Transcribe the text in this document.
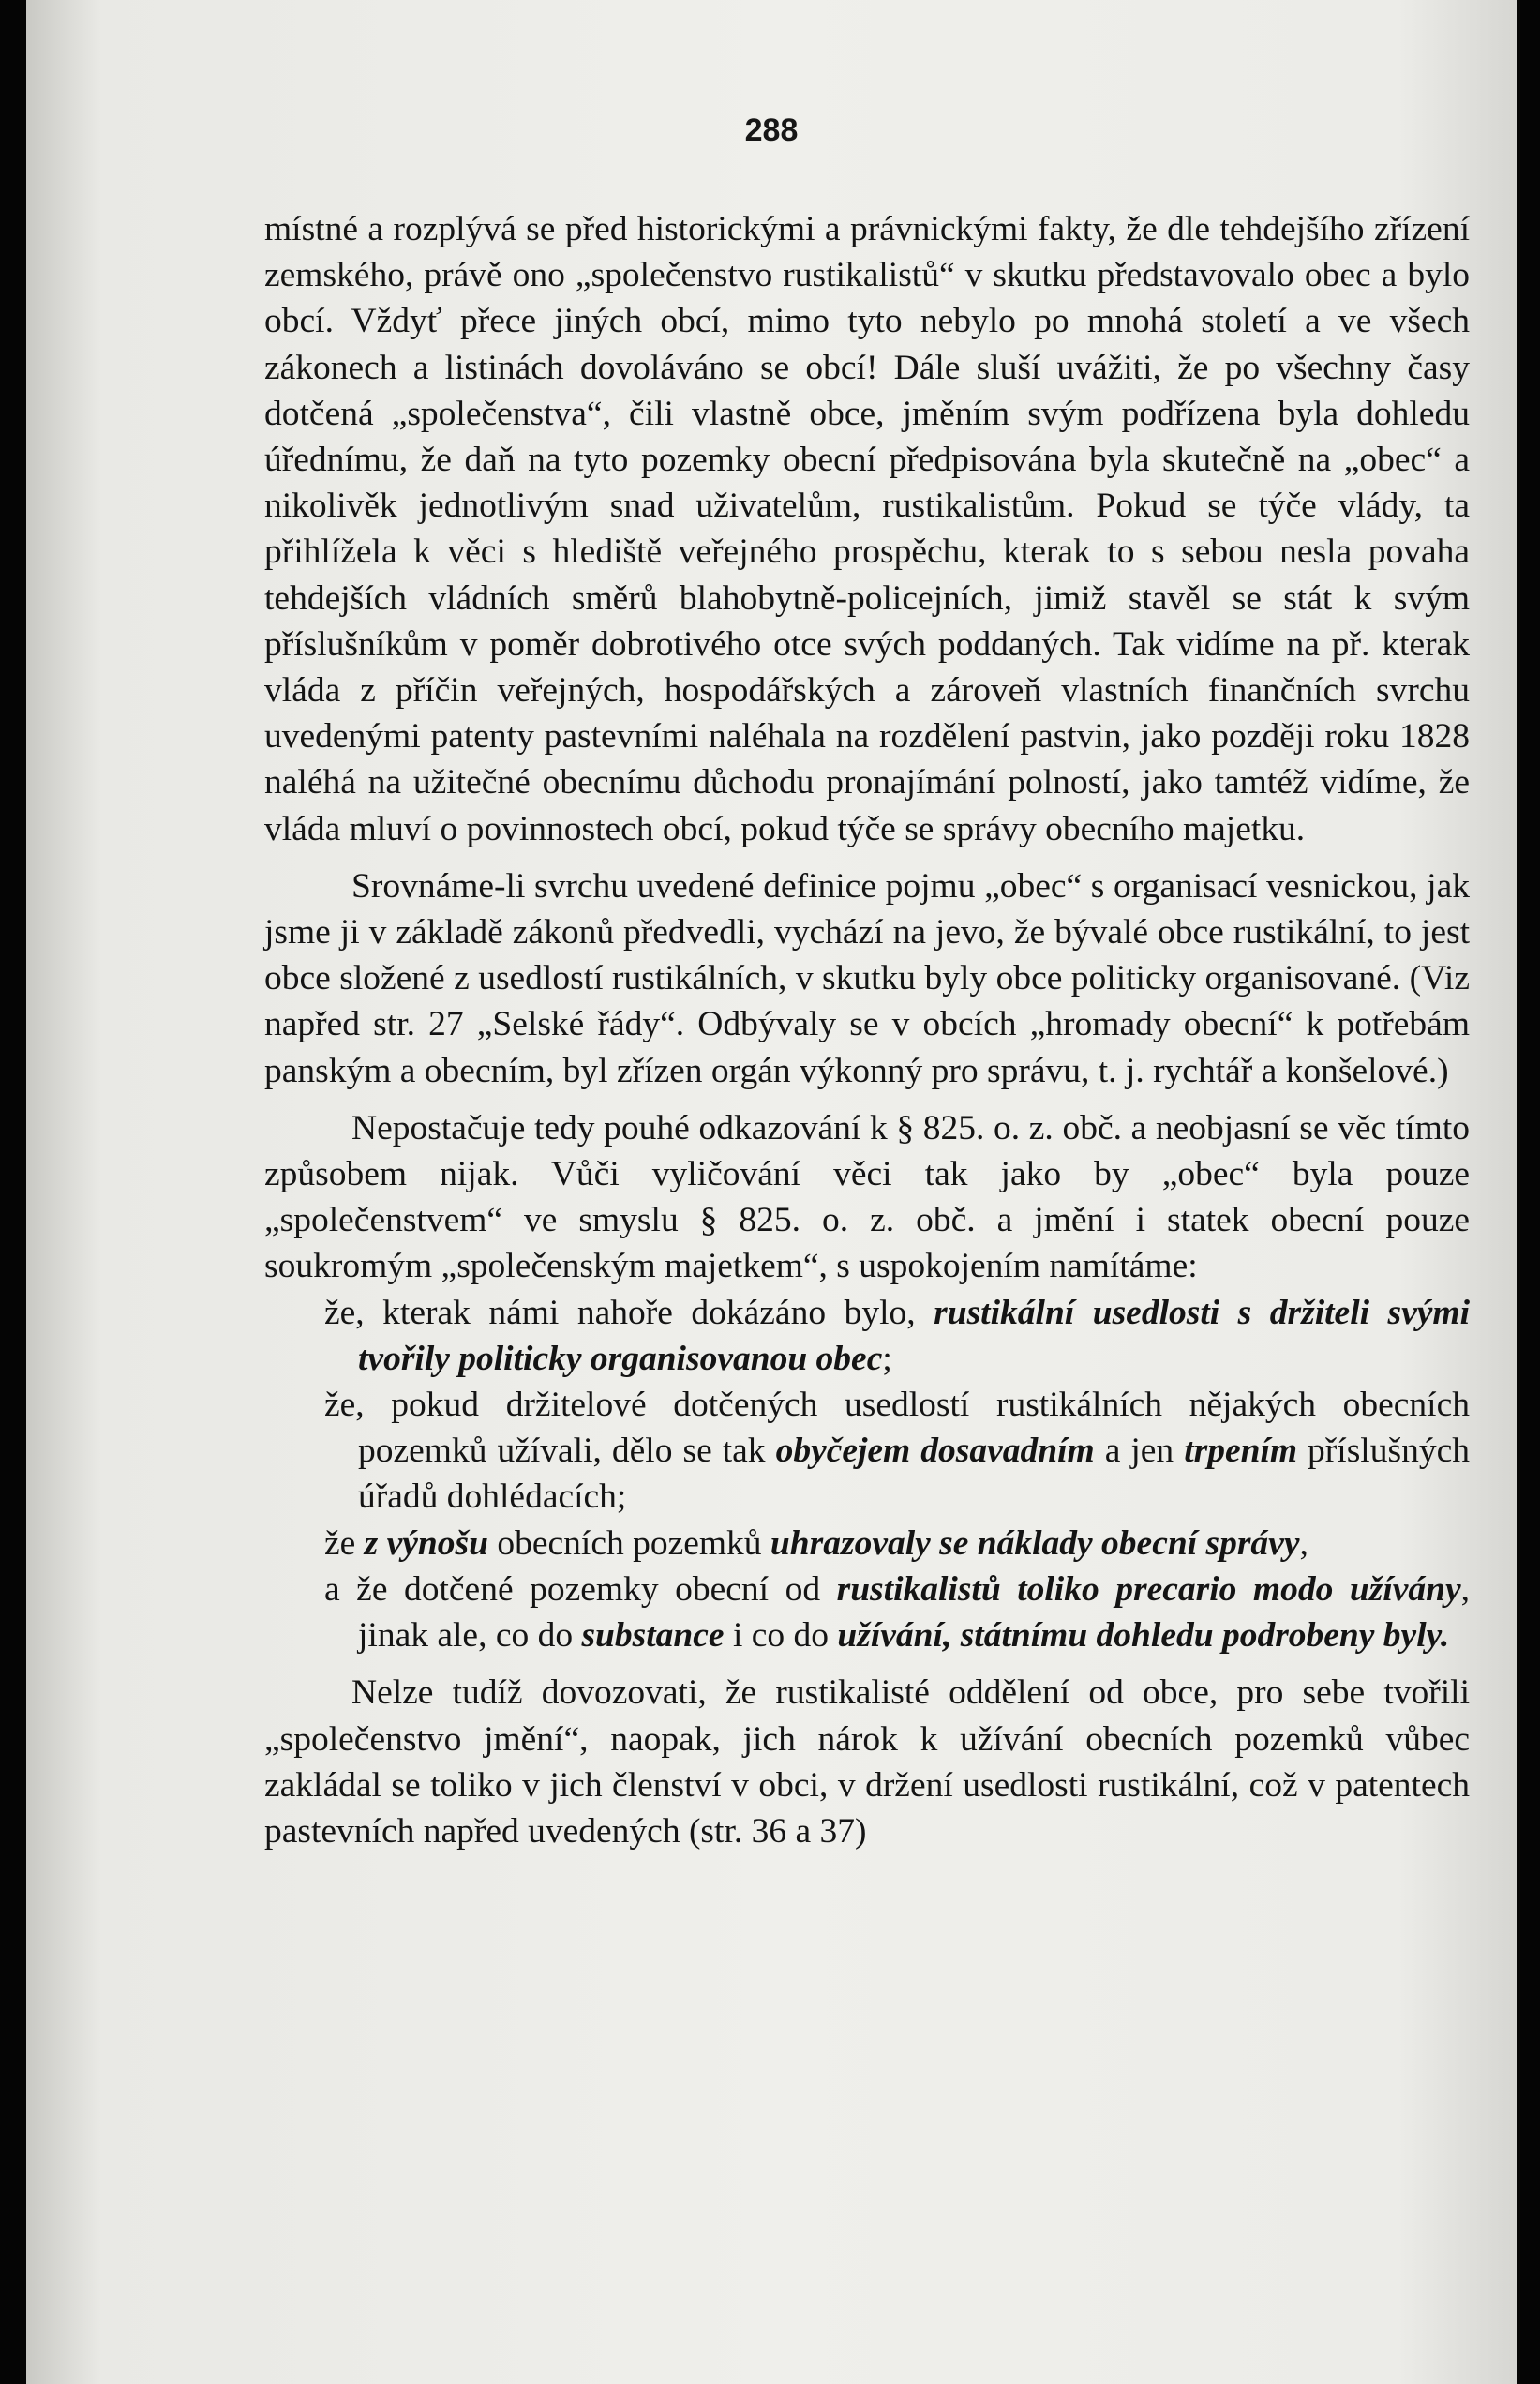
288

místné a rozplývá se před historickými a právnickými fakty, že dle tehdejšího zřízení zemského, právě ono „společenstvo rustikalistů“ v skutku představovalo obec a bylo obcí. Vždyť přece jiných obcí, mimo tyto nebylo po mnohá století a ve všech zákonech a listinách dovoláváno se obcí! Dále sluší uvážiti, že po všechny časy dotčená „společenstva“, čili vlastně obce, jměním svým podřízena byla dohledu úřednímu, že daň na tyto pozemky obecní předpisována byla skutečně na „obec“ a nikolivěk jednotlivým snad uživatelům, rustikalistům. Pokud se týče vlády, ta přihlížela k věci s hlediště veřejného prospěchu, kterak to s sebou nesla povaha tehdejších vládních směrů blahobytně-policejních, jimiž stavěl se stát k svým příslušníkům v poměr dobrotivého otce svých poddaných. Tak vidíme na př. kterak vláda z příčin veřejných, hospodářských a zároveň vlastních finančních svrchu uvedenými patenty pastevními naléhala na rozdělení pastvin, jako později roku 1828 naléhá na užitečné obecnímu důchodu pronajímání polností, jako tamtéž vidíme, že vláda mluví o povinnostech obcí, pokud týče se správy obecního majetku.

Srovnáme-li svrchu uvedené definice pojmu „obec“ s organisací vesnickou, jak jsme ji v základě zákonů předvedli, vychází na jevo, že bývalé obce rustikální, to jest obce složené z usedlostí rustikálních, v skutku byly obce politicky organisované. (Viz napřed str. 27 „Selské řády“. Odbývaly se v obcích „hromady obecní“ k potřebám panským a obecním, byl zřízen orgán výkonný pro správu, t. j. rychtář a konšelové.)

Nepostačuje tedy pouhé odkazování k § 825. o. z. obč. a neobjasní se věc tímto způsobem nijak. Vůči vyličování věci tak jako by „obec“ byla pouze „společenstvem“ ve smyslu § 825. o. z. obč. a jmění i statek obecní pouze soukromým „společenským majetkem“, s uspokojením namítáme:

že, kterak námi nahoře dokázáno bylo, rustikální usedlosti s držiteli svými tvořily politicky organisovanou obec;
že, pokud držitelové dotčených usedlostí rustikálních nějakých obecních pozemků užívali, dělo se tak obyčejem dosavadním a jen trpením příslušných úřadů dohlédacích;
že z výnošu obecních pozemků uhrazovaly se náklady obecní správy,
a že dotčené pozemky obecní od rustikalistů toliko precario modo užívány, jinak ale, co do substance i co do užívání, státnímu dohledu podrobeny byly.

Nelze tudíž dovozovati, že rustikalisté oddělení od obce, pro sebe tvořili „společenstvo jmění“, naopak, jich nárok k užívání obecních pozemků vůbec zakládal se toliko v jich členství v obci, v držení usedlosti rustikální, což v patentech pastevních napřed uvedených (str. 36 a 37)
